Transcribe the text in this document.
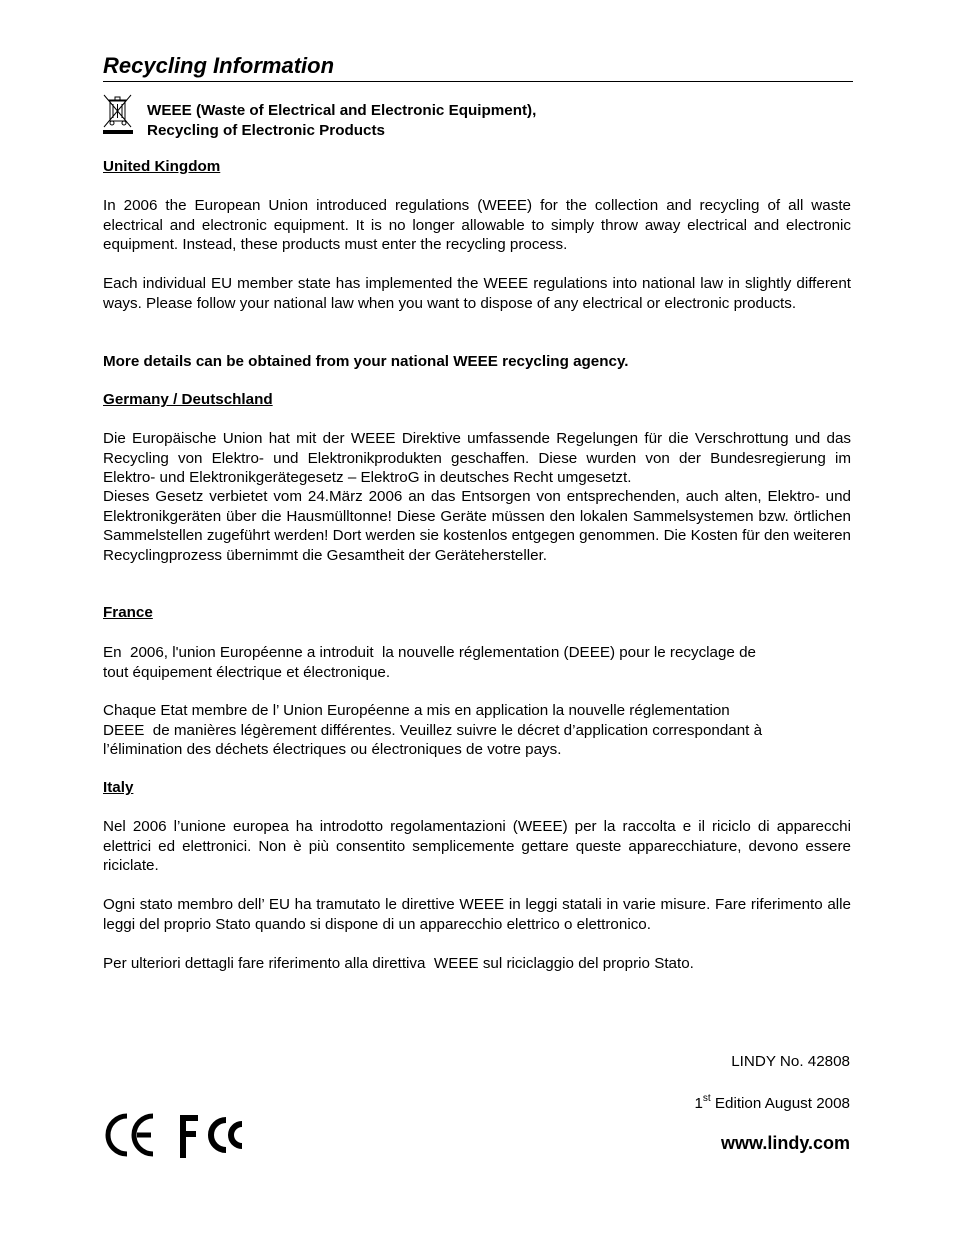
Recycling Information
WEEE (Waste of Electrical and Electronic Equipment),
Recycling of Electronic Products
United Kingdom
In 2006 the European Union introduced regulations (WEEE) for the collection and recycling of all waste electrical and electronic equipment. It is no longer allowable to simply throw away electrical and electronic equipment. Instead, these products must enter the recycling process.
Each individual EU member state has implemented the WEEE regulations into national law in slightly different ways. Please follow your national law when you want to dispose of any electrical or electronic products.
More details can be obtained from your national WEEE recycling agency.
Germany / Deutschland
Die Europäische Union hat mit der WEEE Direktive umfassende Regelungen für die Verschrottung und das Recycling von Elektro- und Elektronikprodukten geschaffen. Diese wurden von der Bundesregierung im Elektro- und Elektronikgerätegesetz – ElektroG in deutsches Recht umgesetzt.
Dieses Gesetz verbietet vom 24.März 2006 an das Entsorgen von entsprechenden, auch alten, Elektro- und Elektronikgeräten über die Hausmülltonne! Diese Geräte müssen den lokalen Sammelsystemen bzw. örtlichen Sammelstellen zugeführt werden! Dort werden sie kostenlos entgegen genommen. Die Kosten für den weiteren Recyclingprozess übernimmt die Gesamtheit der Gerätehersteller.
France
En  2006, l'union Européenne a introduit  la nouvelle réglementation (DEEE) pour le recyclage de
tout équipement électrique et électronique.
Chaque Etat membre de l’ Union Européenne a mis en application la nouvelle réglementation
DEEE  de manières légèrement différentes. Veuillez suivre le décret d’application correspondant à
l’élimination des déchets électriques ou électroniques de votre pays.
Italy
Nel 2006 l’unione europea ha introdotto regolamentazioni (WEEE) per la raccolta e il riciclo di apparecchi elettrici ed elettronici. Non è più consentito semplicemente gettare queste apparecchiature, devono essere riciclate.
Ogni stato membro dell’ EU ha tramutato le direttive WEEE in leggi statali in varie misure. Fare riferimento alle leggi del proprio Stato quando si dispone di un apparecchio elettrico o elettronico.
Per ulteriori dettagli fare riferimento alla direttiva  WEEE sul riciclaggio del proprio Stato.
LINDY No. 42808
1st Edition August 2008
www.lindy.com
